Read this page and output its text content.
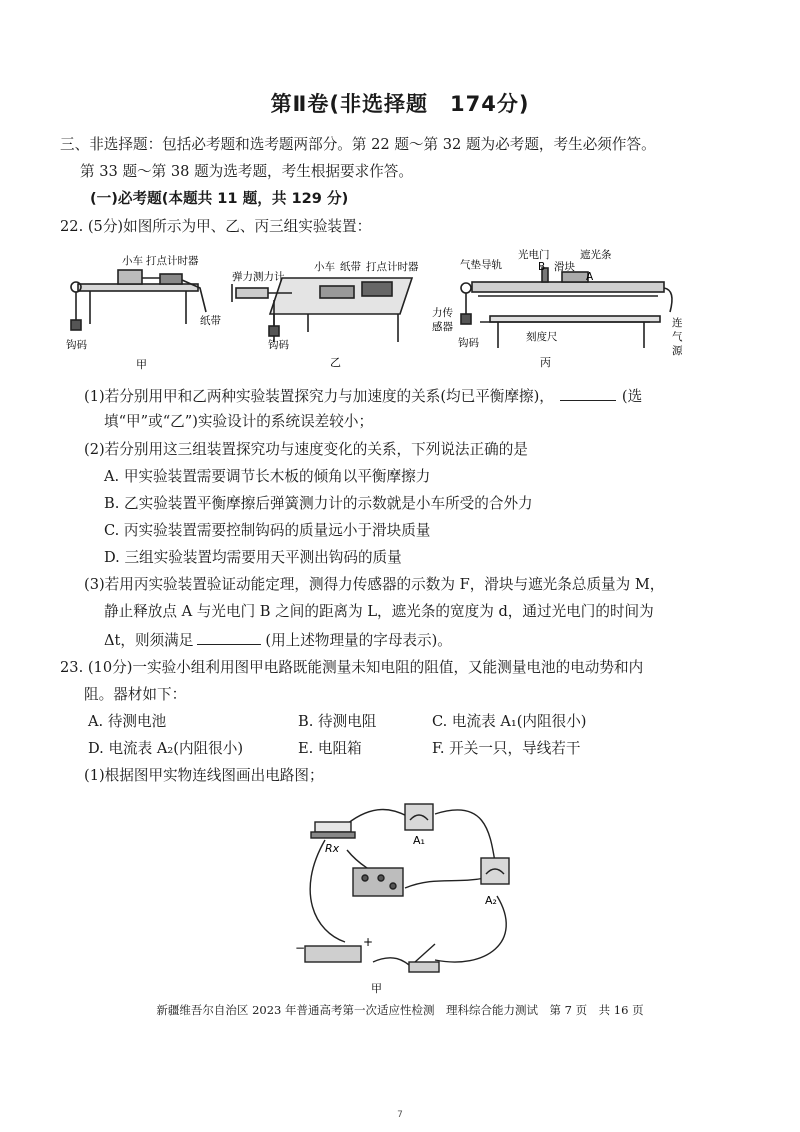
第Ⅱ卷(非选择题　174分)
三、非选择题：包括必考题和选考题两部分。第 22 题～第 32 题为必考题，考生必须作答。
第 33 题～第 38 题为选考题，考生根据要求作答。
(一)必考题(本题共 11 题，共 129 分)
22. (5分)如图所示为甲、乙、丙三组实验装置：
小车 打点计时器
纸带
钩码
甲
弹力测力计
小车 纸带 打点计时器
钩码
乙
气垫导轨
光电门
B 滑块
遮光条
A
力传
感器
钩码	刻度尺
连
气
源
丙
(1)若分别用甲和乙两种实验装置探究力与加速度的关系(均已平衡摩擦)，	(选
填“甲”或“乙”)实验设计的系统误差较小；
(2)若分别用这三组装置探究功与速度变化的关系，下列说法正确的是
A. 甲实验装置需要调节长木板的倾角以平衡摩擦力
B. 乙实验装置平衡摩擦后弹簧测力计的示数就是小车所受的合外力
C. 丙实验装置需要控制钩码的质量远小于滑块质量
D. 三组实验装置均需要用天平测出钩码的质量
(3)若用丙实验装置验证动能定理，测得力传感器的示数为 F，滑块与遮光条总质量为 M，
静止释放点 A 与光电门 B 之间的距离为 L，遮光条的宽度为 d，通过光电门的时间为
Δt，则须满足	(用上述物理量的字母表示)。
23. (10分)一实验小组利用图甲电路既能测量未知电阻的阻值，又能测量电池的电动势和内
阻。器材如下：
A. 待测电池	B. 待测电阻	C. 电流表 A₁(内阻很小)
D. 电流表 A₂(内阻很小)	E. 电阻箱	F. 开关一只，导线若干
(1)根据图甲实物连线图画出电路图；
Rx
A₁
A₂
−	+
甲
新疆维吾尔自治区 2023 年普通高考第一次适应性检测　理科综合能力测试　第 7 页　共 16 页
7
